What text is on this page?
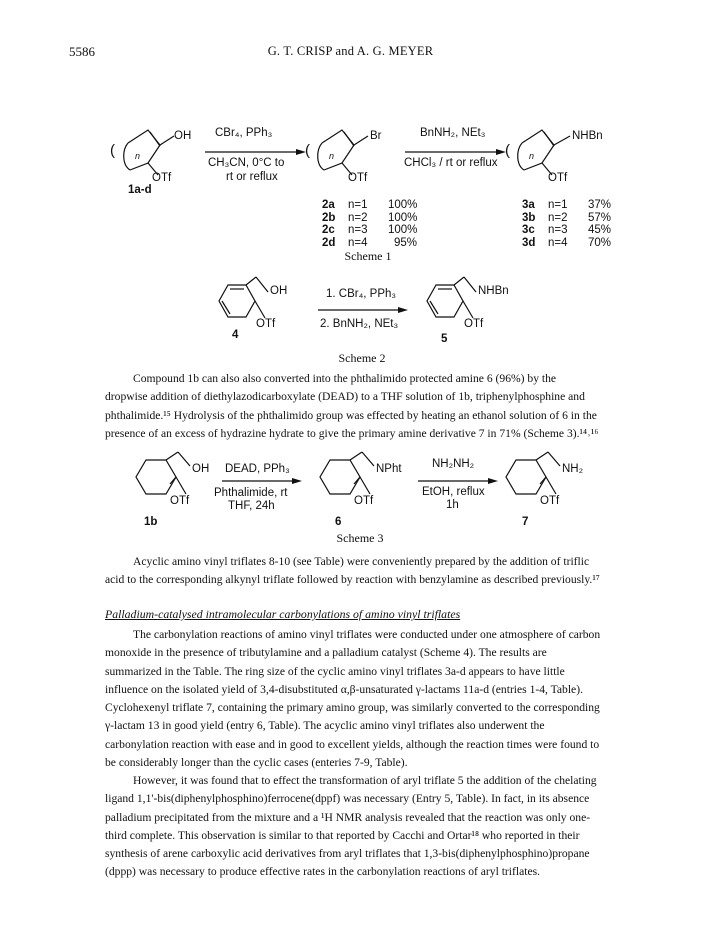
5586	G. T. CRISP and A. G. MEYER
( n
OH
OTf
1a-d
CBr₄, PPh₃
CH₃CN, 0°C to
rt or reflux
( n
Br
OTf
BnNH₂, NEt₃
CHCl₃ / rt or reflux
( n
NHBn
OTf
2a	n=1	100%
2b	n=2	100%
2c	n=3	100%
2d	n=4	95%
3a	n=1	37%
3b	n=2	57%
3c	n=3	45%
3d	n=4	70%
Scheme 1
OH
OTf
4
1. CBr₄, PPh₃
2. BnNH₂, NEt₃
NHBn
OTf
5
Scheme 2

Compound 1b can also also converted into the phthalimido protected amine 6 (96%) by the

dropwise addition of diethylazodicarboxylate (DEAD) to a THF solution of 1b, triphenylphosphine and

phthalimide.¹⁵ Hydrolysis of the phthalimido group was effected by heating an ethanol solution of 6 in the

presence of an excess of hydrazine hydrate to give the primary amine derivative 7 in 71% (Scheme 3).¹⁴˒¹⁶

OH
OTf
1b
DEAD, PPh₃
Phthalimide, rt
THF, 24h
NPht
OTf
6
NH₂NH₂
EtOH, reflux
1h
NH₂
OTf
7
Scheme 3

Acyclic amino vinyl triflates 8-10 (see Table) were conveniently prepared by the addition of triflic

acid to the corresponding alkynyl triflate followed by reaction with benzylamine as described previously.¹⁷

Palladium-catalysed intramolecular carbonylations of amino vinyl triflates

The carbonylation reactions of amino vinyl triflates were conducted under one atmosphere of carbon

monoxide in the presence of tributylamine and a palladium catalyst (Scheme 4). The results are

summarized in the Table. The ring size of the cyclic amino vinyl triflates 3a-d appears to have little

influence on the isolated yield of 3,4-disubstituted α,β-unsaturated γ-lactams 11a-d (entries 1-4, Table).

Cyclohexenyl triflate 7, containing the primary amino group, was similarly converted to the corresponding

γ-lactam 13 in good yield (entry 6, Table). The acyclic amino vinyl triflates also underwent the

carbonylation reaction with ease and in good to excellent yields, although the reaction times were found to

be considerably longer than the cyclic cases (enteries 7-9, Table).

However, it was found that to effect the transformation of aryl triflate 5 the addition of the chelating

ligand 1,1'-bis(diphenylphosphino)ferrocene(dppf) was necessary (Entry 5, Table). In fact, in its absence

palladium precipitated from the mixture and a ¹H NMR analysis revealed that the reaction was only one-

third complete. This observation is similar to that reported by Cacchi and Ortar¹⁸ who reported in their

synthesis of arene carboxylic acid derivatives from aryl triflates that 1,3-bis(diphenylphosphino)propane

(dppp) was necessary to produce effective rates in the carbonylation reactions of aryl triflates.
